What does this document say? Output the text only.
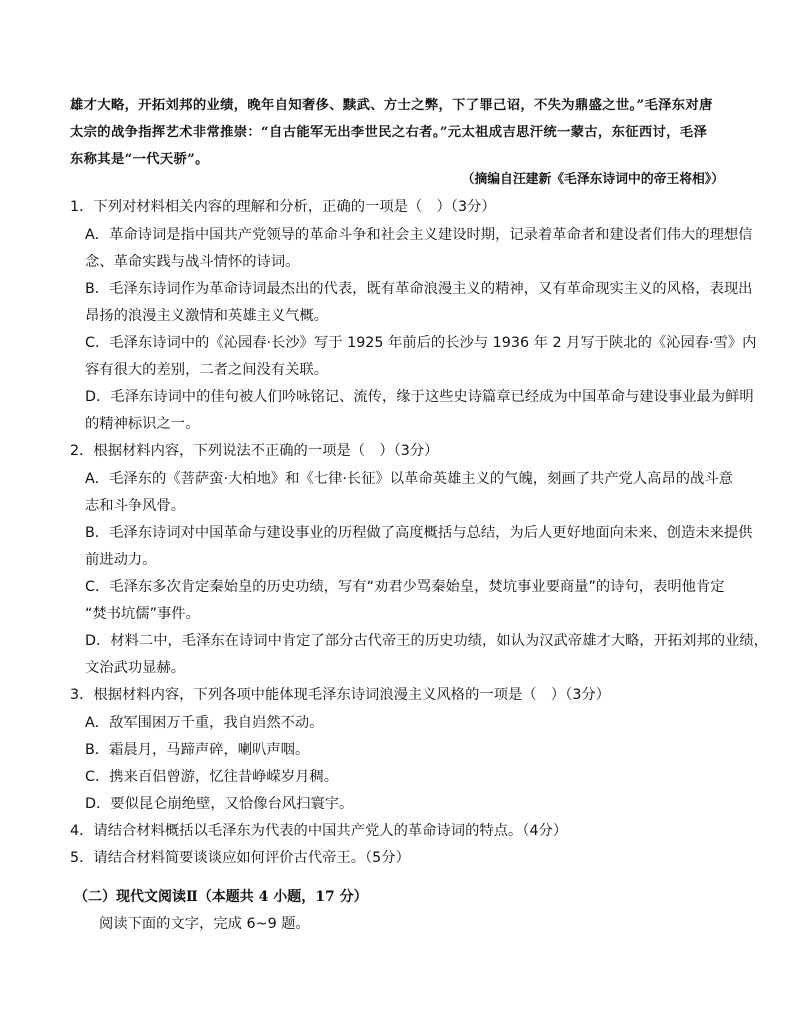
雄才大略，开拓刘邦的业绩，晚年自知奢侈、黩武、方士之弊，下了罪己诏，不失为鼎盛之世。”毛泽东对唐
太宗的战争指挥艺术非常推崇：“自古能军无出李世民之右者。”元太祖成吉思汗统一蒙古，东征西讨，毛泽
东称其是“一代天骄”。
（摘编自汪建新《毛泽东诗词中的帝王将相》）
1．下列对材料相关内容的理解和分析，正确的一项是（　）（3分）
A．革命诗词是指中国共产党领导的革命斗争和社会主义建设时期，记录着革命者和建设者们伟大的理想信
念、革命实践与战斗情怀的诗词。
B．毛泽东诗词作为革命诗词最杰出的代表，既有革命浪漫主义的精神，又有革命现实主义的风格，表现出
昂扬的浪漫主义激情和英雄主义气概。
C．毛泽东诗词中的《沁园春·长沙》写于 1925 年前后的长沙与 1936 年 2 月写于陕北的《沁园春·雪》内
容有很大的差别，二者之间没有关联。
D．毛泽东诗词中的佳句被人们吟咏铭记、流传，缘于这些史诗篇章已经成为中国革命与建设事业最为鲜明
的精神标识之一。
2．根据材料内容，下列说法不正确的一项是（　）（3分）
A．毛泽东的《菩萨蛮·大柏地》和《七律·长征》以革命英雄主义的气魄，刻画了共产党人高昂的战斗意
志和斗争风骨。
B．毛泽东诗词对中国革命与建设事业的历程做了高度概括与总结，为后人更好地面向未来、创造未来提供
前进动力。
C．毛泽东多次肯定秦始皇的历史功绩，写有“劝君少骂秦始皇，焚坑事业要商量”的诗句，表明他肯定
“焚书坑儒”事件。
D．材料二中，毛泽东在诗词中肯定了部分古代帝王的历史功绩，如认为汉武帝雄才大略，开拓刘邦的业绩，
文治武功显赫。
3．根据材料内容，下列各项中能体现毛泽东诗词浪漫主义风格的一项是（　）（3分）
A．敌军围困万千重，我自岿然不动。
B．霜晨月，马蹄声碎，喇叭声咽。
C．携来百侣曾游，忆往昔峥嵘岁月稠。
D．要似昆仑崩绝壁，又恰像台风扫寰宇。
4．请结合材料概括以毛泽东为代表的中国共产党人的革命诗词的特点。（4分）
5．请结合材料简要谈谈应如何评价古代帝王。（5分）
（二）现代文阅读Ⅱ（本题共 4 小题，17 分）
阅读下面的文字，完成 6~9 题。
